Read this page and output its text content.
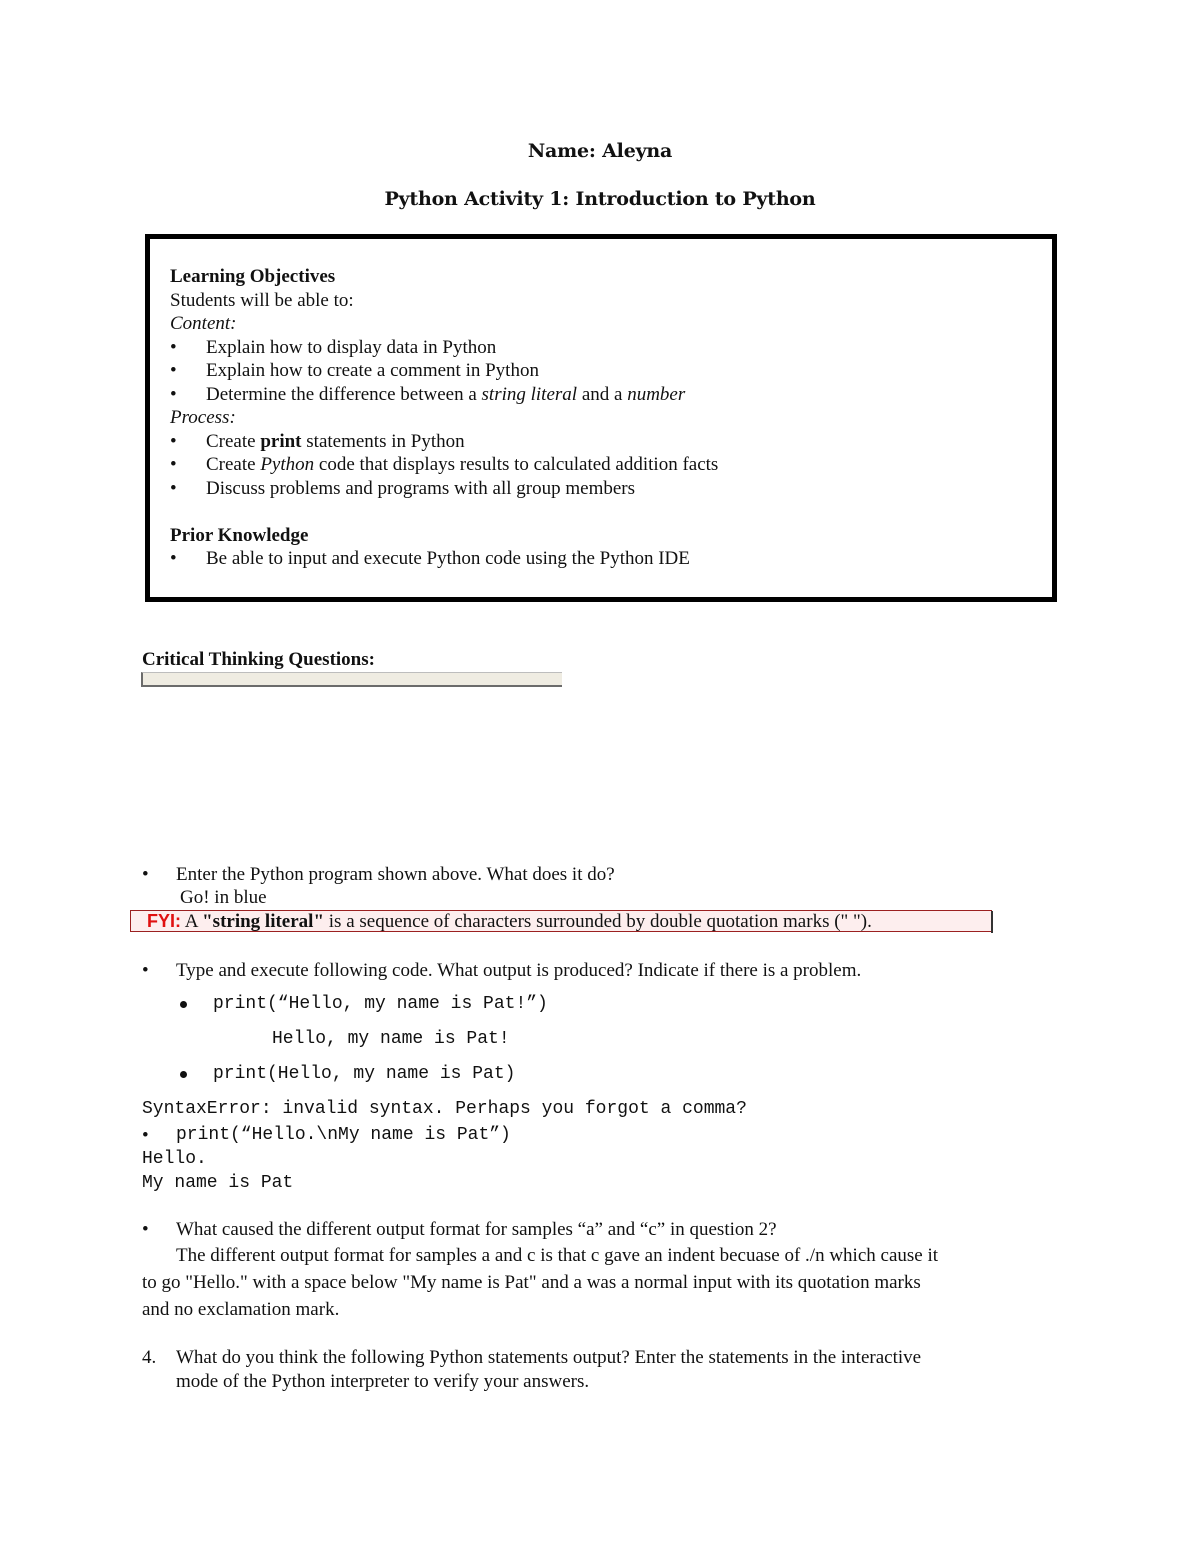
Name: Aleyna

Python Activity 1: Introduction to Python

Learning Objectives
Students will be able to:
Content:
• Explain how to display data in Python
• Explain how to create a comment in Python
• Determine the difference between a string literal and a number
Process:
• Create print statements in Python
• Create Python code that displays results to calculated addition facts
• Discuss problems and programs with all group members
Prior Knowledge
• Be able to input and execute Python code using the Python IDE

Critical Thinking Questions:

• Enter the Python program shown above. What does it do?

Go! in blue

FYI: A "string literal" is a sequence of characters surrounded by double quotation marks (" ").

• Type and execute following code. What output is produced? Indicate if there is a problem.

print(“Hello, my name is Pat!”)

Hello, my name is Pat!

print(Hello, my name is Pat)

SyntaxError: invalid syntax. Perhaps you forgot a comma?

• print(“Hello.\nMy name is Pat”)

Hello.

My name is Pat

• What caused the different output format for samples “a” and “c” in question 2?

The different output format for samples a and c is that c gave an indent becuase of ./n which cause it

to go "Hello." with a space below "My name is Pat" and a was a normal input with its quotation marks

and no exclamation mark.

4. What do you think the following Python statements output? Enter the statements in the interactive

mode of the Python interpreter to verify your answers.
